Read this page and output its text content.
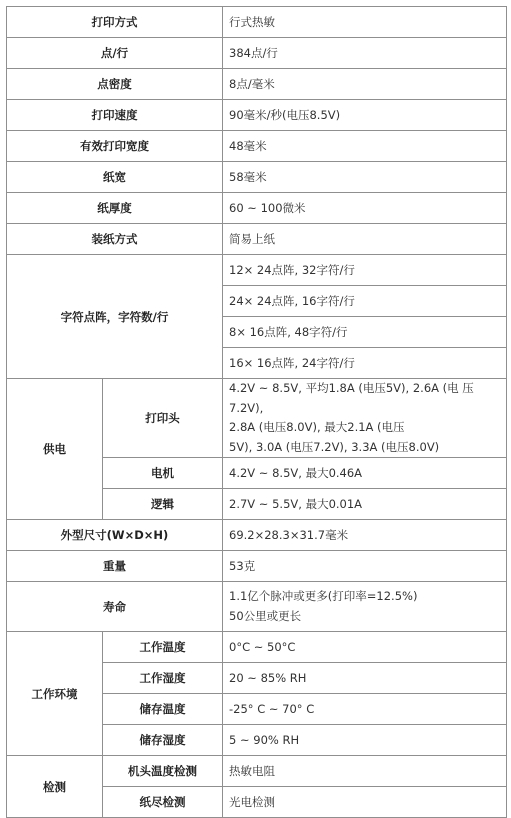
打印方式		行式热敏
点/行		384点/行
点密度		8点/毫米
打印速度		90毫米/秒(电压8.5V)
有效打印宽度		48毫米
纸宽		58毫米
纸厚度		60 ~ 100微米
装纸方式		简易上纸
字符点阵，字符数/行		12× 24点阵, 32字符/行
		24× 24点阵, 16字符/行
		8× 16点阵, 48字符/行
		16× 16点阵, 24字符/行
供电	打印头	4.2V ~ 8.5V, 平均1.8A (电压5V), 2.6A (电 压7.2V),
2.8A (电压8.0V), 最大2.1A (电压
5V), 3.0A (电压7.2V), 3.3A (电压8.0V)

	电机	4.2V ~ 8.5V, 最大0.46A
	逻辑	2.7V ~ 5.5V, 最大0.01A
外型尺寸(W×D×H)		69.2×28.3×31.7毫米
重量		53克
寿命		1.1亿个脉冲或更多(打印率=12.5%)
50公里或更长

工作环境	工作温度	0°C ~ 50°C
	工作湿度	20 ~ 85% RH
	储存温度	-25° C ~ 70° C
	储存湿度	5 ~ 90% RH
检测	机头温度检测	热敏电阻
	纸尽检测	光电检测
